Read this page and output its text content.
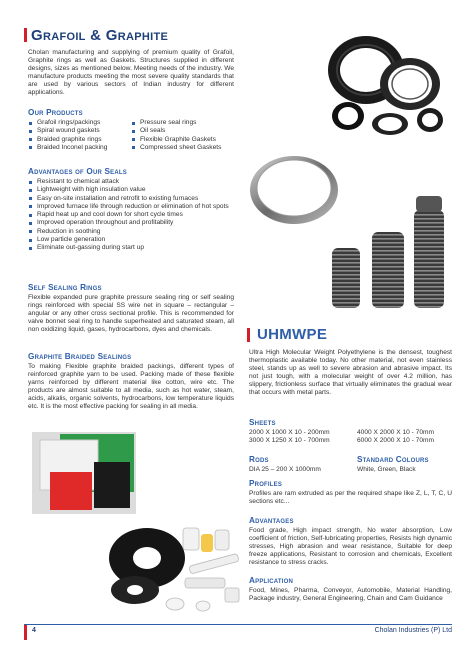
Grafoil & Graphite
Cholan manufacturing and supplying of premium quality of Grafoil, Graphite rings as well as Gaskets. Structures supplied in different designs, sizes as mentioned below. Meeting needs of the industry. We manufacture products meeting the most severe quality standards that are used by various sectors of Indian industry for different applications.
Our Products
Grafoil rings/packings
Spiral wound gaskets
Braided graphite rings
Braided Inconel packing
Pressure seal rings
Oil seals
Flexible Graphite Gaskets
Compressed sheet Gaskets
Advantages of Our Seals
Resistant to chemical attack
Lightweight with high insulation value
Easy on-site installation and retrofit to existing furnaces
Improved furnace life through reduction or elimination of hot spots
Rapid heat up and cool down for short cycle times
Improved operation throughout and profitability
Reduction in soothing
Low particle generation
Eliminate out-gassing during start up
Self Sealing Rings
Flexible expanded pure graphite pressure sealing ring or self sealing rings reinforced with special SS wire net in square – rectangular – angular or any other cross sectional profile. This is recommended for valve bonnet seal ring to handle superheated and saturated steam, all non oxidizing liquid, gases, hydrocarbons, dyes and chemicals.
Graphite Braided Sealings
To making Flexible graphite braided packings, different types of reinforced graphite yarn to be used. Packing made of these flexible yarns reinforced by different material like cotton, wire etc. The products are almost suitable to all media, such as hot water, steam, acids, alkalis, organic solvents, hydrocarbons, low temperature liquids etc. It is the most effective packing for sealing in all media.
UHMWPE
Ultra High Molecular Weight Polyethylene is the densest, toughest thermoplastic available today. No other material, not even stainless steel, stands up as well to severe abrasion and abrasive impact. Its not just tough, with a molecular weight of over 4.2 million, has slippery, frictionless surface that virtually eliminates the gradual wear that occurs with metal parts.
Sheets
2000 X 1000 X 10 - 200mm
3000 X 1250 X 10 - 700mm
4000 X 2000 X 10 - 70mm
6000 X 2000 X 10 - 70mm
Rods
DIA 25 – 200 X 1000mm
Standard Colours
White, Green, Black
Profiles
Profiles are ram extruded as per the required shape like Z, L, T, C, U sections etc...
Advantages
Food grade, High impact strength, No water absorption, Low coefficient of friction, Self-lubricating properties, Resists high dynamic stresses, High abrasion and wear resistance, Suitable for deep freeze applications, Resistant to corrosion and chemicals, Excellent resistance to stress cracks.
Application
Food, Mines, Pharma, Conveyor, Automobile, Material Handling, Package industry, General Engineering, Chain and Cam Guidance
4	Cholan Industries (P) Ltd
